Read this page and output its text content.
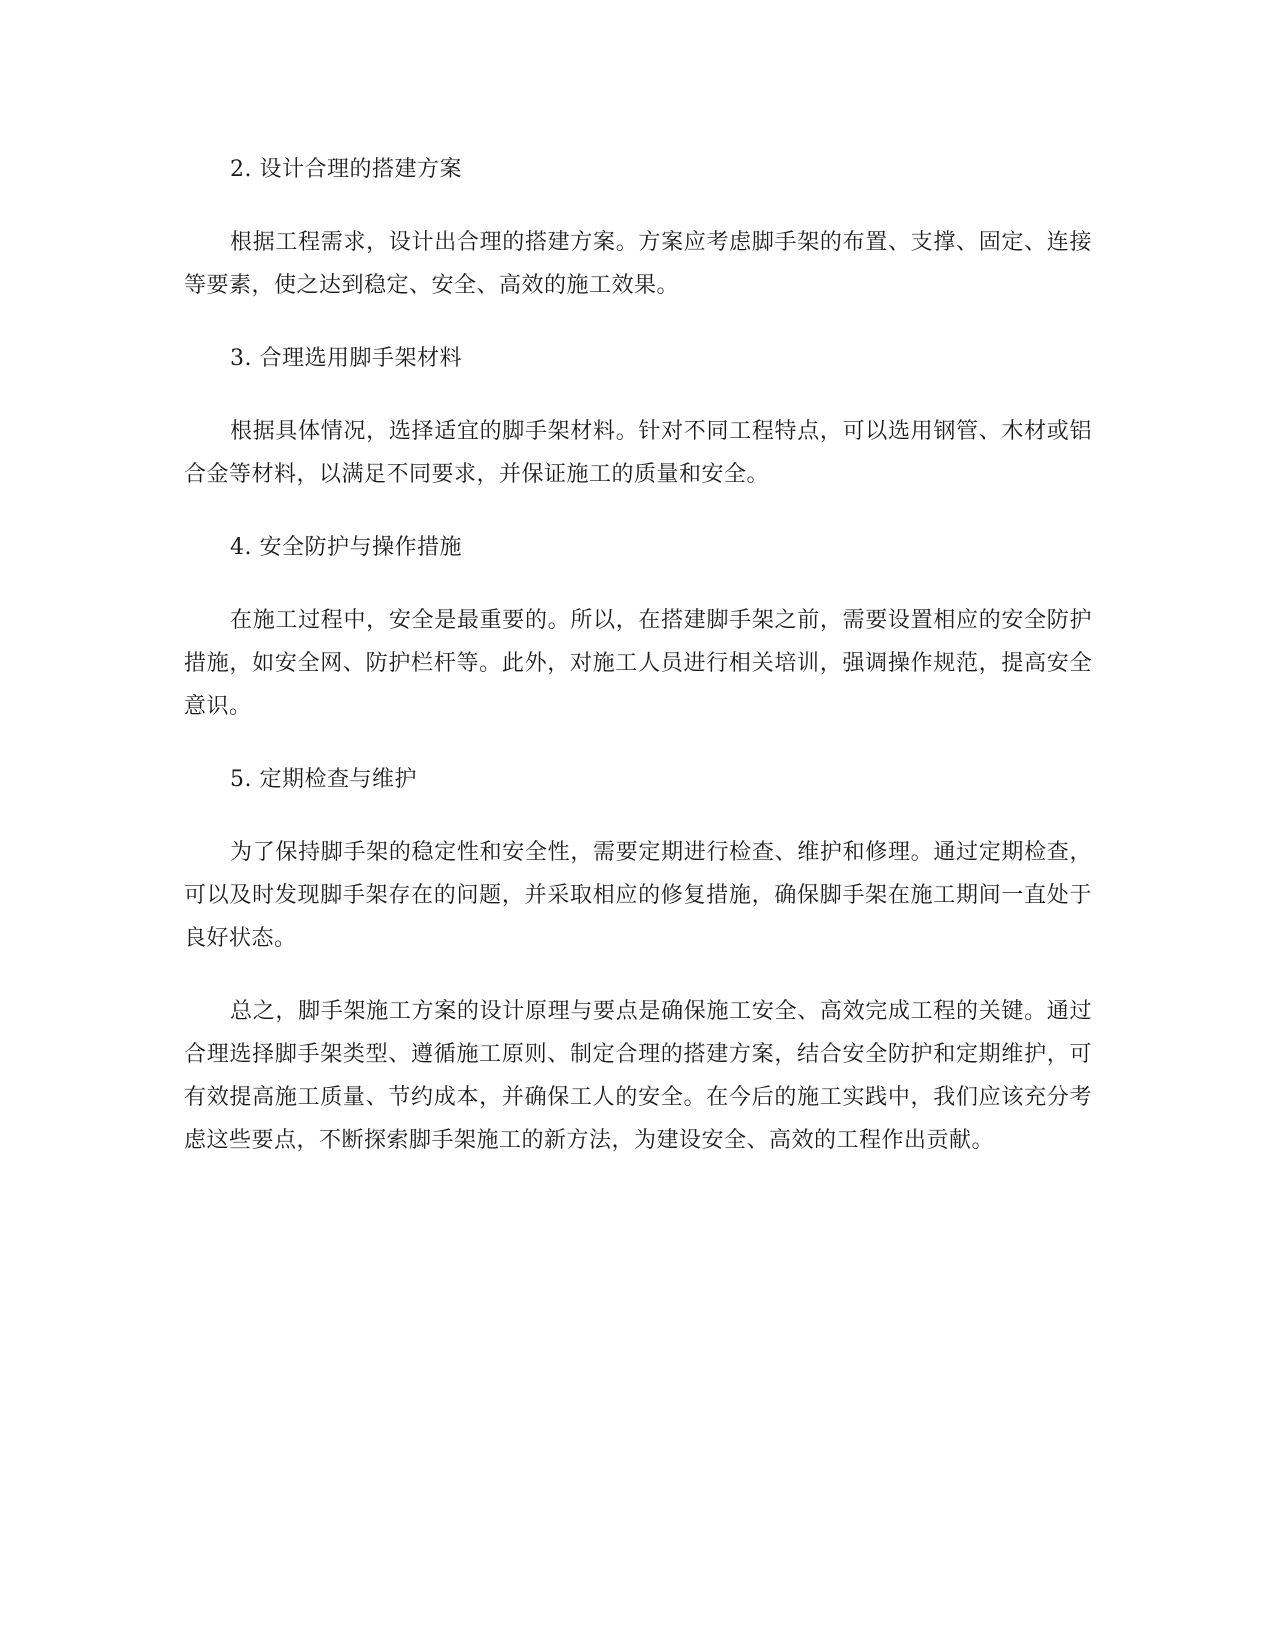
2. 设计合理的搭建方案

根据工程需求，设计出合理的搭建方案。方案应考虑脚手架的布置、支撑、固定、连接等要素，使之达到稳定、安全、高效的施工效果。

3. 合理选用脚手架材料

根据具体情况，选择适宜的脚手架材料。针对不同工程特点，可以选用钢管、木材或铝合金等材料，以满足不同要求，并保证施工的质量和安全。

4. 安全防护与操作措施

在施工过程中，安全是最重要的。所以，在搭建脚手架之前，需要设置相应的安全防护措施，如安全网、防护栏杆等。此外，对施工人员进行相关培训，强调操作规范，提高安全意识。

5. 定期检查与维护

为了保持脚手架的稳定性和安全性，需要定期进行检查、维护和修理。通过定期检查，可以及时发现脚手架存在的问题，并采取相应的修复措施，确保脚手架在施工期间一直处于良好状态。

总之，脚手架施工方案的设计原理与要点是确保施工安全、高效完成工程的关键。通过合理选择脚手架类型、遵循施工原则、制定合理的搭建方案，结合安全防护和定期维护，可有效提高施工质量、节约成本，并确保工人的安全。在今后的施工实践中，我们应该充分考虑这些要点，不断探索脚手架施工的新方法，为建设安全、高效的工程作出贡献。
